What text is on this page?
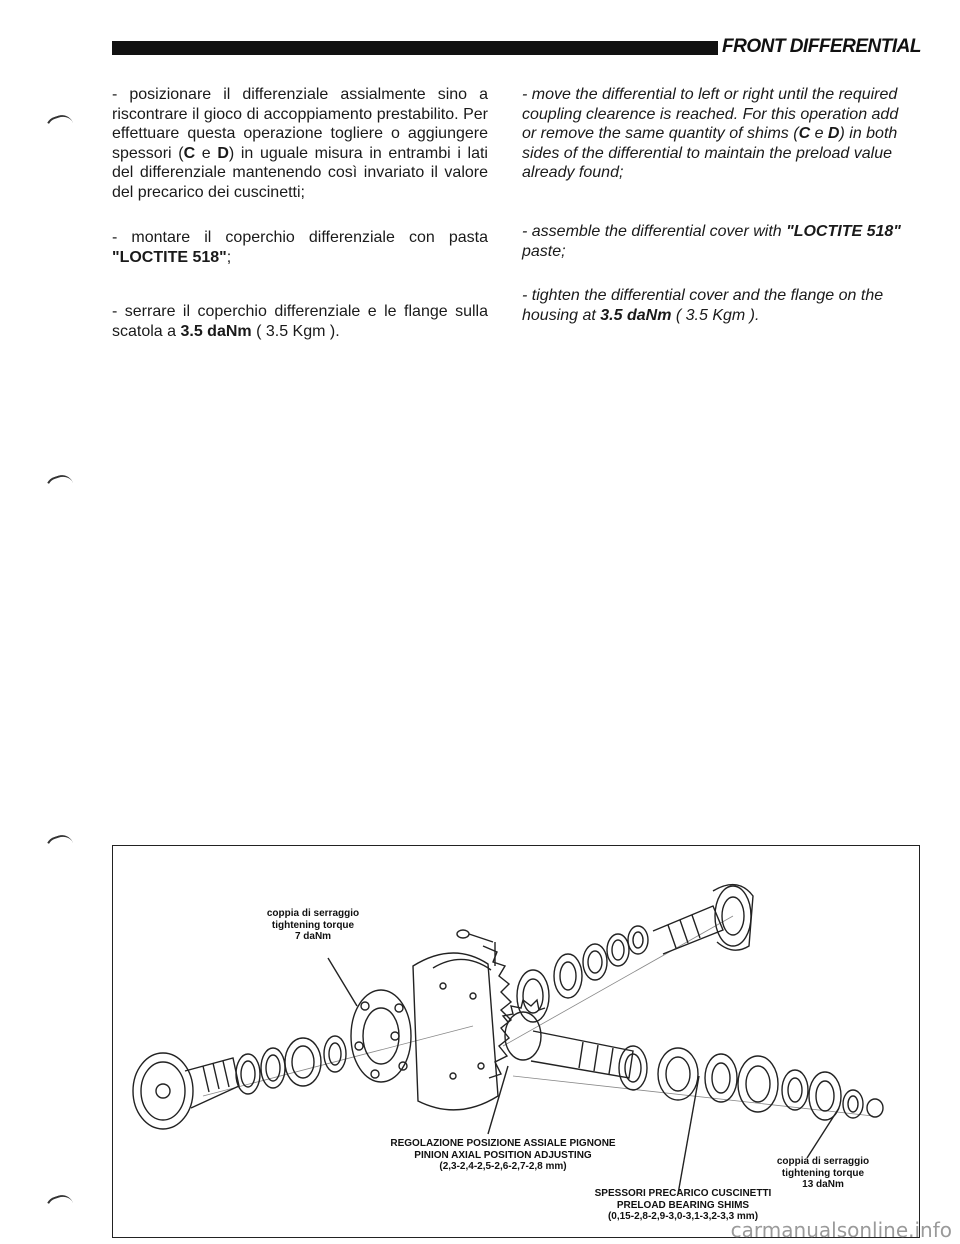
FRONT DIFFERENTIAL

- posizionare il differenziale assialmente sino a riscontrare il gioco di accoppiamento prestabilito. Per effettuare questa operazione togliere o aggiungere spessori (C e D) in uguale misura in entrambi i lati del differenziale mantenendo così invariato il valore del precarico dei cuscinetti;

- montare il coperchio differenziale con pasta "LOCTITE 518";

- serrare il coperchio differenziale e le flange sulla scatola a 3.5 daNm ( 3.5 Kgm ).

- move the differential to left or right until the required coupling clearence is reached. For this operation add or remove the same quantity of shims (C e D) in both sides of the differential to maintain the preload value already found;

- assemble the differential cover with "LOCTITE 518" paste;

- tighten the differential cover and the flange on the housing at 3.5 daNm ( 3.5 Kgm ).

coppia di serraggio
tightening torque
7 daNm
REGOLAZIONE POSIZIONE ASSIALE PIGNONE
PINION AXIAL POSITION ADJUSTING
(2,3-2,4-2,5-2,6-2,7-2,8 mm)	coppia di serraggio
tightening torque
13 daNm
SPESSORI PRECARICO CUSCINETTI
PRELOAD BEARING SHIMS
(0,15-2,8-2,9-3,0-3,1-3,2-3,3 mm)
carmanualsonline.info
